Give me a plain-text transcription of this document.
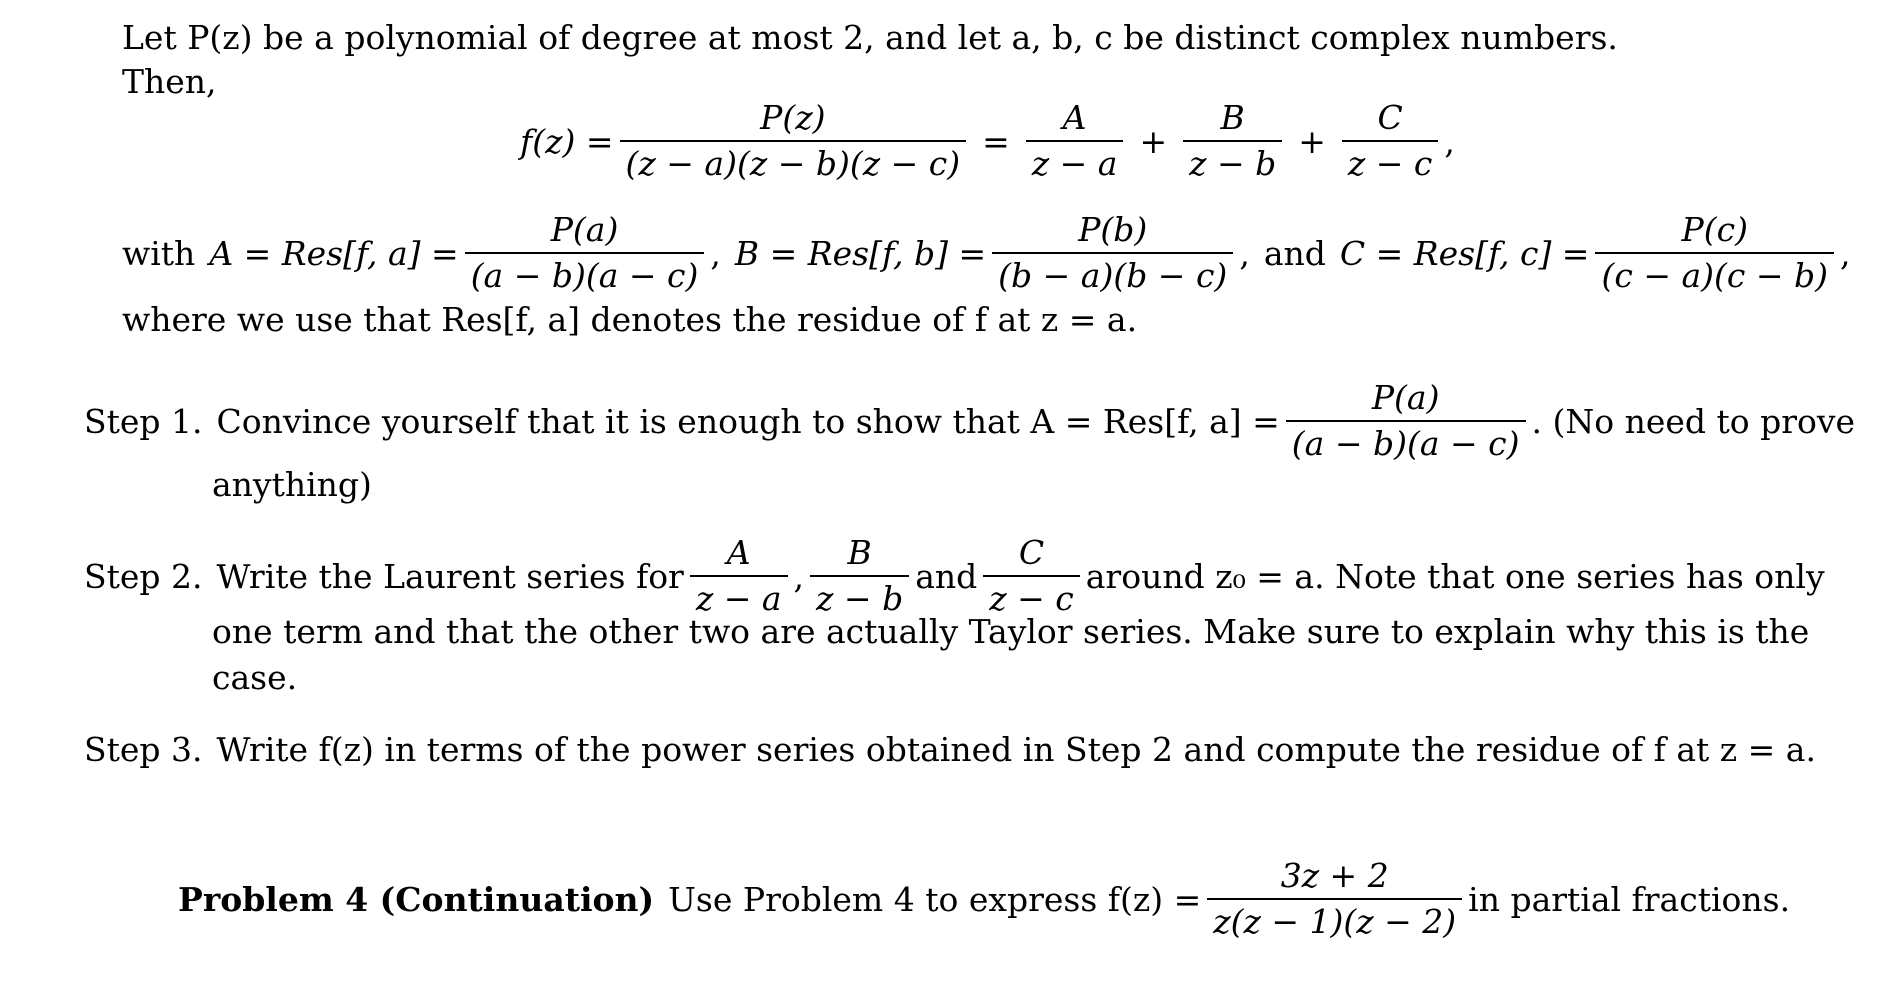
Let P(z) be a polynomial of degree at most 2, and let a, b, c be distinct complex numbers.
Then,
$f(z) = \frac{P(z)}{(z - a)(z - b)(z - c)} = \frac{A}{z - a} + \frac{B}{z - b} + \frac{C}{z - c}$ ,
with A = Res[f, $a] = \frac{P(a)}{(a - b)(a - c)}$ , B = Res[f, $b] = \frac{P(b)}{(b - a)(b - c)}$ , and C = Res[f, $c] = \frac{P(c)}{(c - a)(c - b)}$ ,
where we use that Res[f, a] denotes the residue of f at z = a.
Step 1. Convince yourself that it is enough to show that A = Res[f, $a] = \frac{P(a)}{(a - b)(a - c)}$ . (No need to prove
anything)
Step 2. Write the Laurent series for $\frac{A}{z - a}$ , $\frac{B}{z - b}$ and $\frac{C}{z - c}$ around z₀ = a. Note that one series has only
one term and that the other two are actually Taylor series. Make sure to explain why this is the
case.
Step 3. Write f(z) in terms of the power series obtained in Step 2 and compute the residue of f at z = a.
Problem 4 (Continuation) Use Problem 4 to express $f(z) = \frac{3z + 2}{z(z - 1)(z - 2)}$ in partial fractions.
